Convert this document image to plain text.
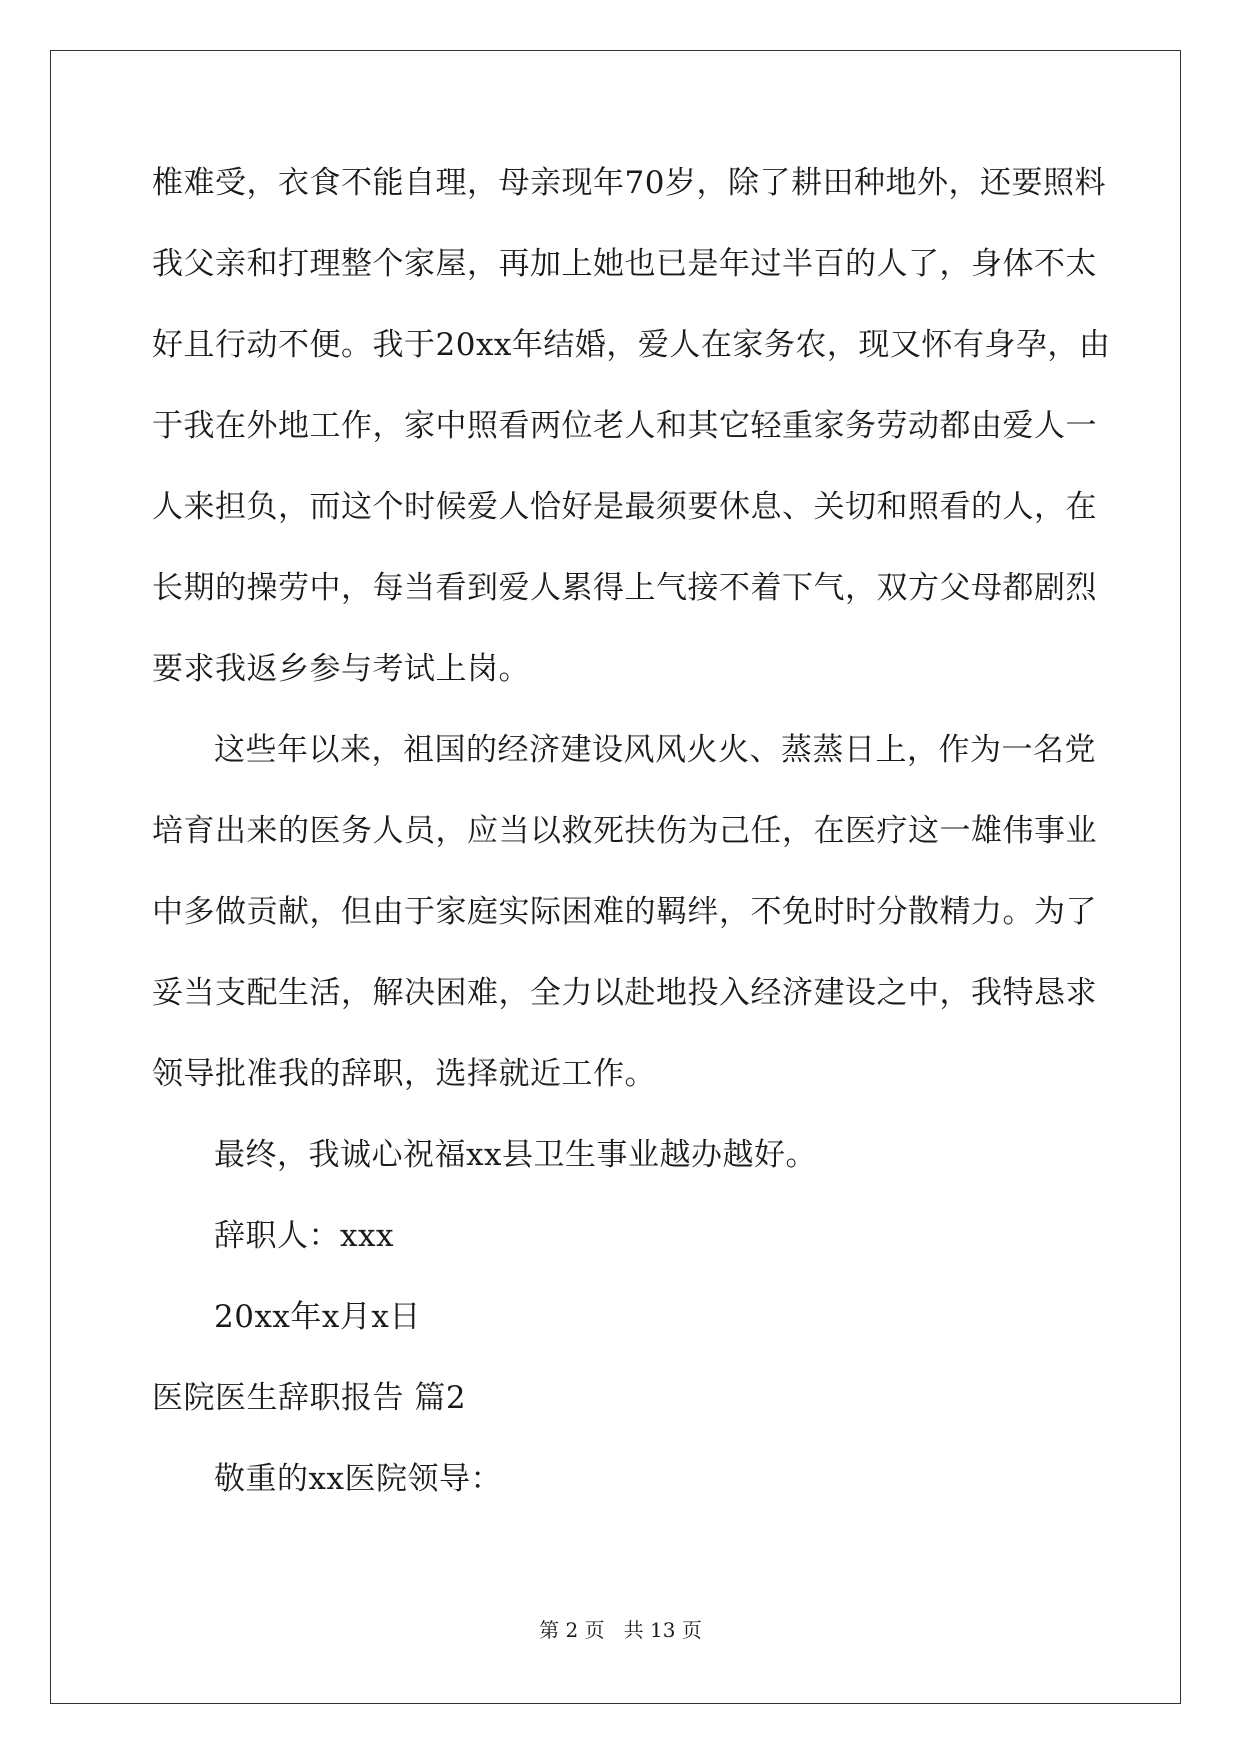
椎难受，衣食不能自理，母亲现年70岁，除了耕田种地外，还要照料
我父亲和打理整个家屋，再加上她也已是年过半百的人了，身体不太
好且行动不便。我于20xx年结婚，爱人在家务农，现又怀有身孕，由
于我在外地工作，家中照看两位老人和其它轻重家务劳动都由爱人一
人来担负，而这个时候爱人恰好是最须要休息、关切和照看的人，在
长期的操劳中，每当看到爱人累得上气接不着下气，双方父母都剧烈
要求我返乡参与考试上岗。
这些年以来，祖国的经济建设风风火火、蒸蒸日上，作为一名党
培育出来的医务人员，应当以救死扶伤为己任，在医疗这一雄伟事业
中多做贡献，但由于家庭实际困难的羁绊，不免时时分散精力。为了
妥当支配生活，解决困难，全力以赴地投入经济建设之中，我特恳求
领导批准我的辞职，选择就近工作。
最终，我诚心祝福xx县卫生事业越办越好。
辞职人：xxx
20xx年x月x日
医院医生辞职报告 篇2
敬重的xx医院领导：
第 2 页   共 13 页
